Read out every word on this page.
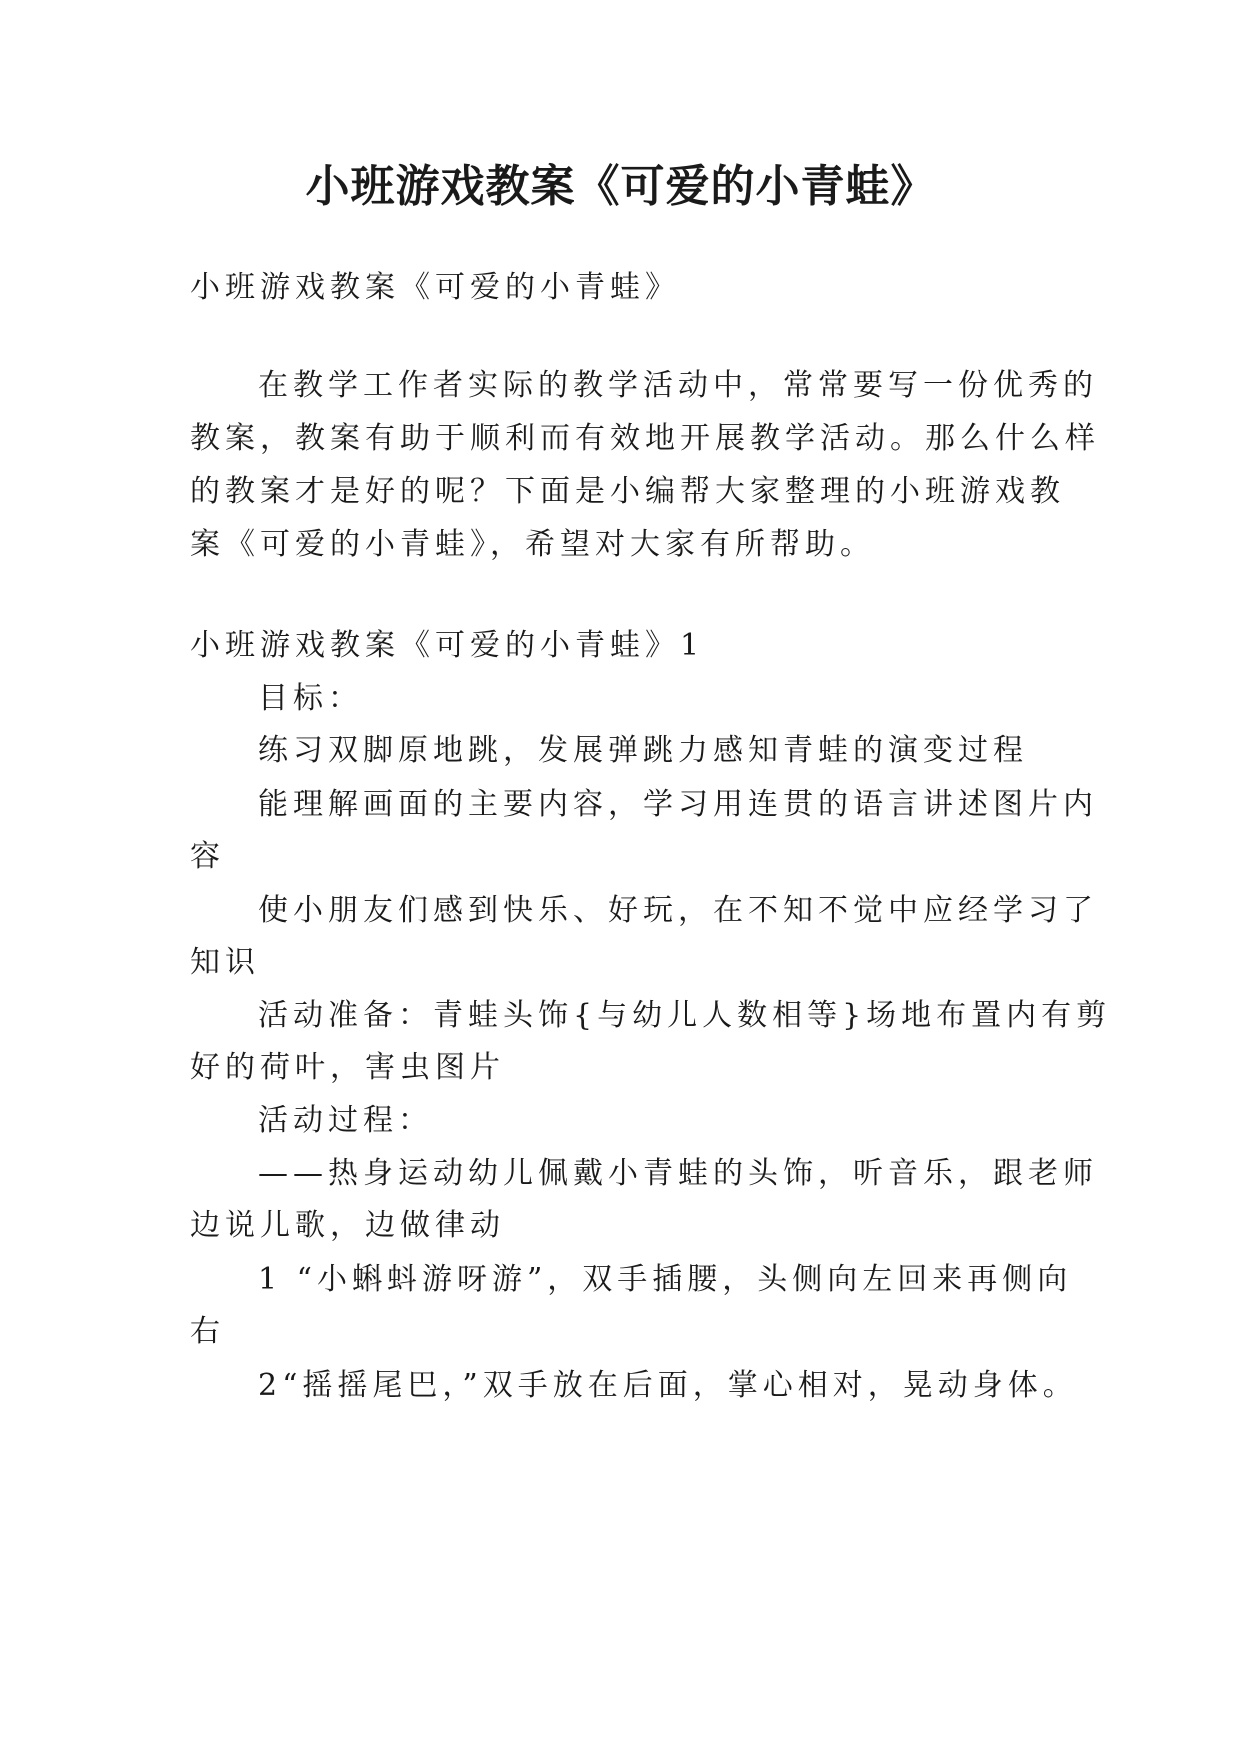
小班游戏教案《可爱的小青蛙》

小班游戏教案《可爱的小青蛙》

在教学工作者实际的教学活动中，常常要写一份优秀的

教案，教案有助于顺利而有效地开展教学活动。那么什么样

的教案才是好的呢？下面是小编帮大家整理的小班游戏教

案《可爱的小青蛙》，希望对大家有所帮助。

小班游戏教案《可爱的小青蛙》1

目标：

练习双脚原地跳，发展弹跳力感知青蛙的演变过程

能理解画面的主要内容，学习用连贯的语言讲述图片内

容

使小朋友们感到快乐、好玩，在不知不觉中应经学习了

知识

活动准备：青蛙头饰{与幼儿人数相等}场地布置内有剪

好的荷叶，害虫图片

活动过程：

——热身运动幼儿佩戴小青蛙的头饰，听音乐，跟老师

边说儿歌，边做律动

1 “小蝌蚪游呀游”，双手插腰，头侧向左回来再侧向

右

2“摇摇尾巴，”双手放在后面，掌心相对，晃动身体。
